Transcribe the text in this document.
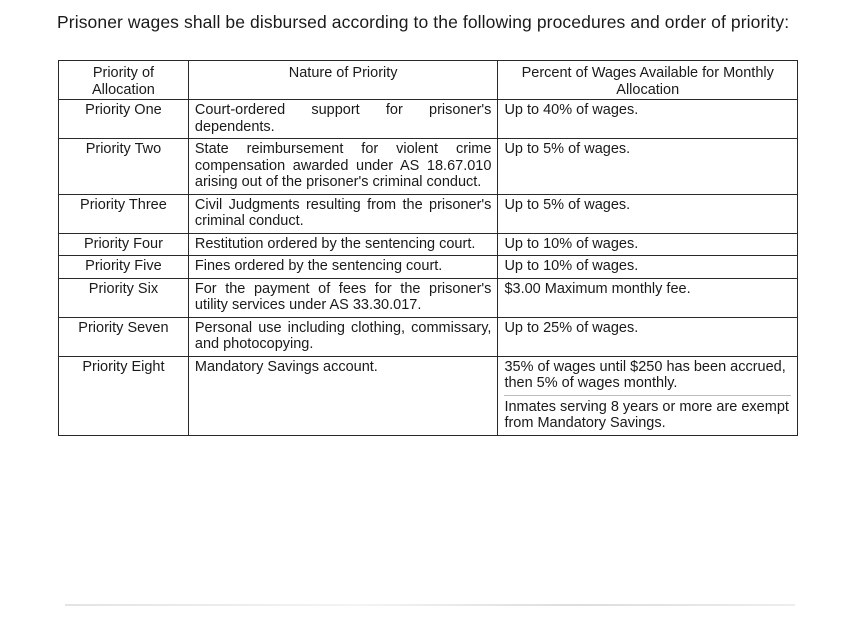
Prisoner wages shall be disbursed according to the following procedures and order of priority:
Priority of Allocation	Nature of Priority	Percent of Wages Available for Monthly Allocation
Priority One	Court-ordered support for prisoner's dependents.	Up to 40% of wages.
Priority Two	State reimbursement for violent crime compensation awarded under AS 18.67.010 arising out of the prisoner's criminal conduct.	Up to 5% of wages.
Priority Three	Civil Judgments resulting from the prisoner's criminal conduct.	Up to 5% of wages.
Priority Four	Restitution ordered by the sentencing court.	Up to 10% of wages.
Priority Five	Fines ordered by the sentencing court.	Up to 10% of wages.
Priority Six	For the payment of fees for the prisoner's utility services under AS 33.30.017.	$3.00 Maximum monthly fee.
Priority Seven	Personal use including clothing, commissary, and photocopying.	Up to 25% of wages.
Priority Eight	Mandatory Savings account.	35% of wages until $250 has been accrued, then 5% of wages monthly.
Inmates serving 8 years or more are exempt from Mandatory Savings.
